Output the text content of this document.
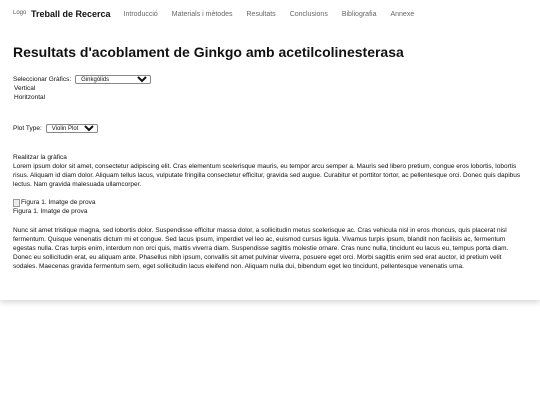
Logo Treball de Recerca Introducció Materials i mètodes Resultats Conclusions Bibliografia Annexe
Resultats d'acoblament de Ginkgo amb acetilcolinesterasa
Seleccionar Gràfics:
Ginkgòlids
Vertical
Horitzontal
Plot Type:
Violin Plot
Realitzar la gràfica

Lorem ipsum dolor sit amet, consectetur adipiscing elit. Cras elementum scelerisque mauris, eu tempor arcu semper a. Mauris sed libero pretium, congue eros lobortis, lobortis risus. Aliquam id diam dolor. Aliquam tellus lacus, vulputate fringilla consectetur efficitur, gravida sed augue. Curabitur et porttitor tortor, ac pellentesque orci. Donec quis dapibus lectus. Nam gravida malesuada ullamcorper.

Figura 1. Imatge de prova
Figura 1. Imatge de prova

Nunc sit amet tristique magna, sed lobortis dolor. Suspendisse efficitur massa dolor, a sollicitudin metus scelerisque ac. Cras vehicula nisl in eros rhoncus, quis placerat nisl fermentum. Quisque venenatis dictum mi et congue. Sed lacus ipsum, imperdiet vel leo ac, euismod cursus ligula. Vivamus turpis ipsum, blandit non facilisis ac, fermentum egestas nulla. Cras turpis enim, interdum non orci quis, mattis viverra diam. Suspendisse sagittis molestie ornare. Cras nunc nulla, tincidunt eu lacus eu, tempus porta diam. Donec eu sollicitudin erat, eu aliquam ante. Phasellus nibh ipsum, convallis sit amet pulvinar viverra, posuere eget orci. Morbi sagittis enim sed erat auctor, id pretium velit sodales. Maecenas gravida fermentum sem, eget sollicitudin lacus eleifend non. Aliquam nulla dui, bibendum eget leo tincidunt, pellentesque venenatis urna.
